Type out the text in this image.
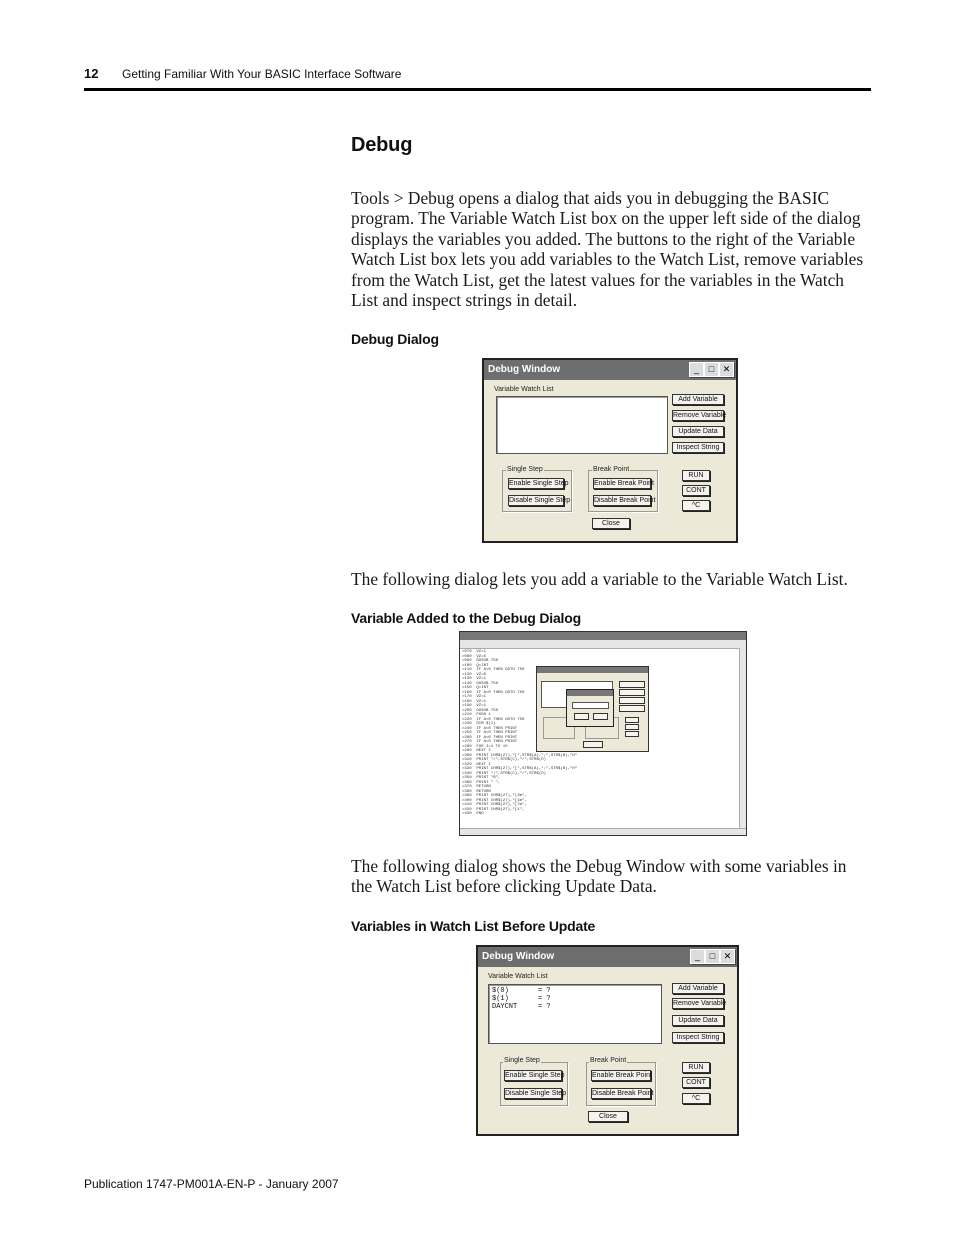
12 Getting Familiar With Your BASIC Interface Software
Debug

Tools > Debug opens a dialog that aids you in debugging the BASIC program. The Variable Watch List box on the upper left side of the dialog displays the variables you added. The buttons to the right of the Variable Watch List box lets you add variables to the Watch List, remove variables from the Watch List, get the latest values for the variables in the Watch List and inspect strings in detail.

Debug Dialog
Debug Window	_	□ ✕
Variable Watch List
Add Variable
Remove Variable
Update Data
Inspect String
Single Step
Enable Single Step
Disable Single Step
Break Point
Enable Break Point
Disable Break Point
RUN
CONT
^C
Close

The following dialog lets you add a variable to the Variable Watch List.

Variable Added to the Debug Dialog
>070  VZ=1
>080  VZ=5
>090  GOSUB 750
>100  Q=INT
>110  IF A<0 THEN GOTO 750
>120  VZ=0
>130  VZ=1
>140  GOSUB 750
>150  Q=INT
>160  IF A<0 THEN GOTO 750
>170  VZ=1
>180  VZ=1
>190  VZ=1
>200  GOSUB 750
>210  PUSH 1
>220  IF A<0 THEN GOTO 750
>230  DIM $(1)
>240  IF A<0 THEN PRINT
>250  IF A<0 THEN PRINT
>260  IF A<0 THEN PRINT
>270  IF A<0 THEN PRINT
>280  FOR I=1 TO 15
>290  NEXT I
>300  PRINT CHR$(27),"[",STR$(A),";",STR$(B),"H"
>310  PRINT "/",STR$(C),"/",STR$(D)
>320  NEXT I
>330  PRINT CHR$(27),"[",STR$(A),";",STR$(B),"H"
>340  PRINT "/",STR$(C),"/",STR$(D)
>350  PRINT "B",
>360  PRINT " ",
>370  RETURN
>380  RETURN
>390  PRINT CHR$(27),"[2m",
>400  PRINT CHR$(27),"[1m",
>410  PRINT CHR$(27),"[7m",
>420  PRINT CHR$(27),"[1",
>430  END

The following dialog shows the Debug Window with some variables in the Watch List before clicking Update Data.

Variables in Watch List Before Update
Debug Window	_	□ ✕
Variable Watch List
$(0)	= ?
$(1)	= ?
DAYCNT	= ?
Add Variable
Remove Variable
Update Data
Inspect String
Single Step
Enable Single Step
Disable Single Step
Break Point
Enable Break Point
Disable Break Point
RUN
CONT
^C
Close
Publication 1747-PM001A-EN-P - January 2007
